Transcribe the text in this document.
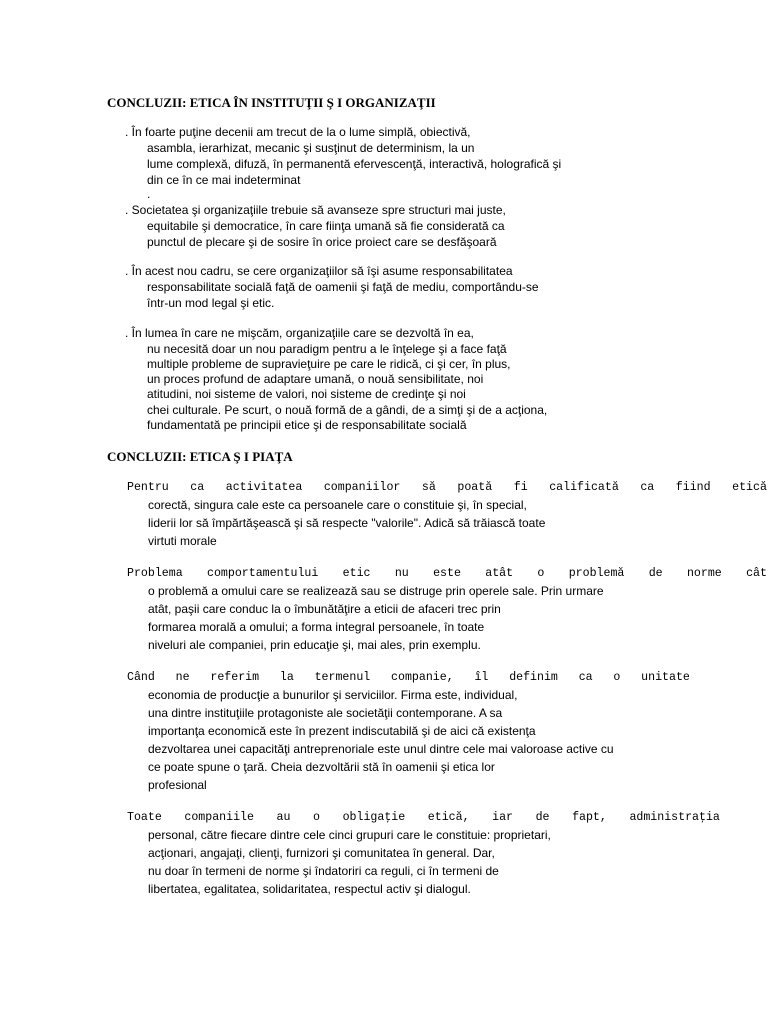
CONCLUZII: ETICA ÎN INSTITUŢII Ş I ORGANIZAŢII
. În foarte puţine decenii am trecut de la o lume simplă, obiectivă,
asambla, ierarhizat, mecanic şi susţinut de determinism, la un
lume complexă, difuză, în permanentă efervescenţă, interactivă, holografică şi
din ce în ce mai indeterminat
.
. Societatea şi organizaţiile trebuie să avanseze spre structuri mai juste,
equitabile şi democratice, în care fiinţa umană să fie considerată ca
punctul de plecare şi de sosire în orice proiect care se desfăşoară
. În acest nou cadru, se cere organizaţiilor să îşi asume responsabilitatea
responsabilitate socială faţă de oamenii şi faţă de mediu, comportându-se
într-un mod legal şi etic.
. În lumea în care ne mişcăm, organizaţiile care se dezvoltă în ea,
nu necesită doar un nou paradigm pentru a le înţelege şi a face faţă
multiple probleme de supravieţuire pe care le ridică, ci şi cer, în plus,
un proces profund de adaptare umană, o nouă sensibilitate, noi
atitudini, noi sisteme de valori, noi sisteme de credinţe şi noi
chei culturale. Pe scurt, o nouă formă de a gândi, de a simţi şi de a acţiona,
fundamentată pe principii etice şi de responsabilitate socială
CONCLUZII: ETICA Ş I PIAŢA
Pentru ca activitatea companiilor să poată fi calificată ca fiind etică
corectă, singura cale este ca persoanele care o constituie şi, în special,
liderii lor să împărtăşească şi să respecte "valorile". Adică să trăiască toate
virtuti morale
Problema comportamentului etic nu este atât o problemă de norme cât
o problemă a omului care se realizează sau se distruge prin operele sale. Prin urmare
atât, paşii care conduc la o îmbunătăţire a eticii de afaceri trec prin
formarea morală a omului; a forma integral persoanele, în toate
niveluri ale companiei, prin educaţie şi, mai ales, prin exemplu.
Când ne referim la termenul companie, îl definim ca o unitate
economia de producţie a bunurilor şi serviciilor. Firma este, individual,
una dintre instituţiile protagoniste ale societăţii contemporane. A sa
importanţa economică este în prezent indiscutabilă şi de aici că existenţa
dezvoltarea unei capacităţi antreprenoriale este unul dintre cele mai valoroase active cu
ce poate spune o ţară. Cheia dezvoltării stă în oamenii şi etica lor
profesional
Toate companiile au o obligaţie etică, iar de fapt, administraţia
personal, către fiecare dintre cele cinci grupuri care le constituie: proprietari,
acţionari, angajaţi, clienţi, furnizori şi comunitatea în general. Dar,
nu doar în termeni de norme şi îndatoriri ca reguli, ci în termeni de
libertatea, egalitatea, solidaritatea, respectul activ şi dialogul.
